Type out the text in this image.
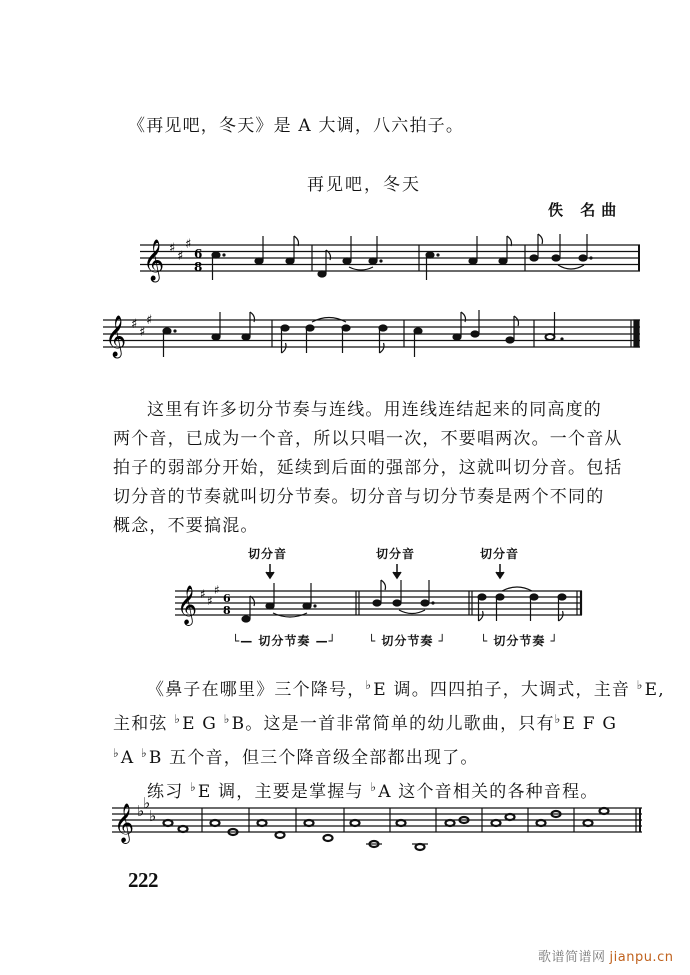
《再见吧，冬天》是 A 大调，八六拍子。
再见吧，冬天
佚 名曲
𝄞 ♯
♯
♯
6
8
𝄞 ♯
♯
♯
这里有许多切分节奏与连线。用连线连结起来的同高度的
两个音，已成为一个音，所以只唱一次，不要唱两次。一个音从
拍子的弱部分开始，延续到后面的强部分，这就叫切分音。包括
切分音的节奏就叫切分节奏。切分音与切分节奏是两个不同的
概念，不要搞混。
切分音	切分音	切分音
𝄞 ♯ ♯
♯
6
8
└— 切分节奏 —┘	└ 切分节奏 ┘	└ 切分节奏 ┘
《鼻子在哪里》三个降号，♭E 调。四四拍子，大调式，主音 ♭E,
主和弦 ♭E G ♭B。这是一首非常简单的幼儿歌曲，只有♭E F G
♭A ♭B 五个音，但三个降音级全部都出现了。
练习 ♭E 调，主要是掌握与 ♭A 这个音相关的各种音程。
𝄞 ♭
♭
♭
222
歌谱简谱网 jianpu.cn
